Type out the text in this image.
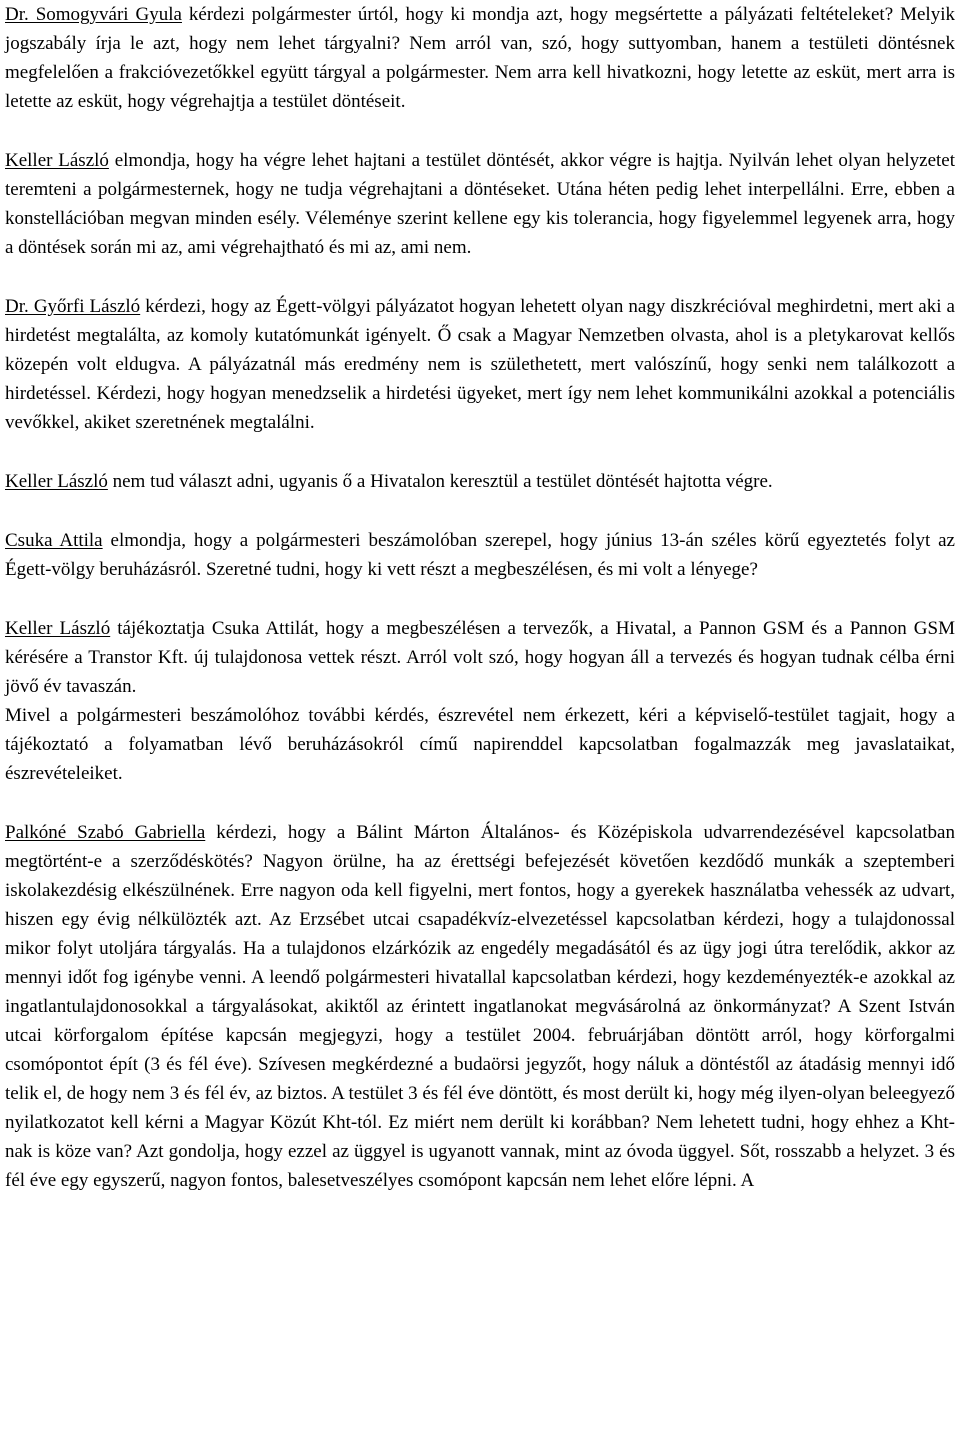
Dr. Somogyvári Gyula kérdezi polgármester úrtól, hogy ki mondja azt, hogy megsértette a pályázati feltételeket? Melyik jogszabály írja le azt, hogy nem lehet tárgyalni? Nem arról van, szó, hogy suttyomban, hanem a testületi döntésnek megfelelően a frakcióvezetőkkel együtt tárgyal a polgármester. Nem arra kell hivatkozni, hogy letette az esküt, mert arra is letette az esküt, hogy végrehajtja a testület döntéseit.

Keller László elmondja, hogy ha végre lehet hajtani a testület döntését, akkor végre is hajtja. Nyilván lehet olyan helyzetet teremteni a polgármesternek, hogy ne tudja végrehajtani a döntéseket. Utána héten pedig lehet interpellálni. Erre, ebben a konstellációban megvan minden esély. Véleménye szerint kellene egy kis tolerancia, hogy figyelemmel legyenek arra, hogy a döntések során mi az, ami végrehajtható és mi az, ami nem.

Dr. Győrfi László kérdezi, hogy az Égett-völgyi pályázatot hogyan lehetett olyan nagy diszkrécióval meghirdetni, mert aki a hirdetést megtalálta, az komoly kutatómunkát igényelt. Ő csak a Magyar Nemzetben olvasta, ahol is a pletykarovat kellős közepén volt eldugva. A pályázatnál más eredmény nem is születhetett, mert valószínű, hogy senki nem találkozott a hirdetéssel. Kérdezi, hogy hogyan menedzselik a hirdetési ügyeket, mert így nem lehet kommunikálni azokkal a potenciális vevőkkel, akiket szeretnének megtalálni.

Keller László nem tud választ adni, ugyanis ő a Hivatalon keresztül a testület döntését hajtotta végre.

Csuka Attila elmondja, hogy a polgármesteri beszámolóban szerepel, hogy június 13-án széles körű egyeztetés folyt az Égett-völgy beruházásról. Szeretné tudni, hogy ki vett részt a megbeszélésen, és mi volt a lényege?

Keller László tájékoztatja Csuka Attilát, hogy a megbeszélésen a tervezők, a Hivatal, a Pannon GSM és a Pannon GSM kérésére a Transtor Kft. új tulajdonosa vettek részt. Arról volt szó, hogy hogyan áll a tervezés és hogyan tudnak célba érni jövő év tavaszán.

Mivel a polgármesteri beszámolóhoz további kérdés, észrevétel nem érkezett, kéri a képviselő-testület tagjait, hogy a tájékoztató a folyamatban lévő beruházásokról című napirenddel kapcsolatban fogalmazzák meg javaslataikat, észrevételeiket.

Palkóné Szabó Gabriella kérdezi, hogy a Bálint Márton Általános- és Középiskola udvarrendezésével kapcsolatban megtörtént-e a szerződéskötés? Nagyon örülne, ha az érettségi befejezését követően kezdődő munkák a szeptemberi iskolakezdésig elkészülnének. Erre nagyon oda kell figyelni, mert fontos, hogy a gyerekek használatba vehessék az udvart, hiszen egy évig nélkülözték azt. Az Erzsébet utcai csapadékvíz-elvezetéssel kapcsolatban kérdezi, hogy a tulajdonossal mikor folyt utoljára tárgyalás. Ha a tulajdonos elzárkózik az engedély megadásától és az ügy jogi útra terelődik, akkor az mennyi időt fog igénybe venni. A leendő polgármesteri hivatallal kapcsolatban kérdezi, hogy kezdeményezték-e azokkal az ingatlantulajdonosokkal a tárgyalásokat, akiktől az érintett ingatlanokat megvásárolná az önkormányzat? A Szent István utcai körforgalom építése kapcsán megjegyzi, hogy a testület 2004. februárjában döntött arról, hogy körforgalmi csomópontot épít (3 és fél éve). Szívesen megkérdezné a budaörsi jegyzőt, hogy náluk a döntéstől az átadásig mennyi idő telik el, de hogy nem 3 és fél év, az biztos. A testület 3 és fél éve döntött, és most derült ki, hogy még ilyen-olyan beleegyező nyilatkozatot kell kérni a Magyar Közút Kht-tól. Ez miért nem derült ki korábban? Nem lehetett tudni, hogy ehhez a Kht-nak is köze van? Azt gondolja, hogy ezzel az üggyel is ugyanott vannak, mint az óvoda üggyel. Sőt, rosszabb a helyzet. 3 és fél éve egy egyszerű, nagyon fontos, balesetveszélyes csomópont kapcsán nem lehet előre lépni. A
